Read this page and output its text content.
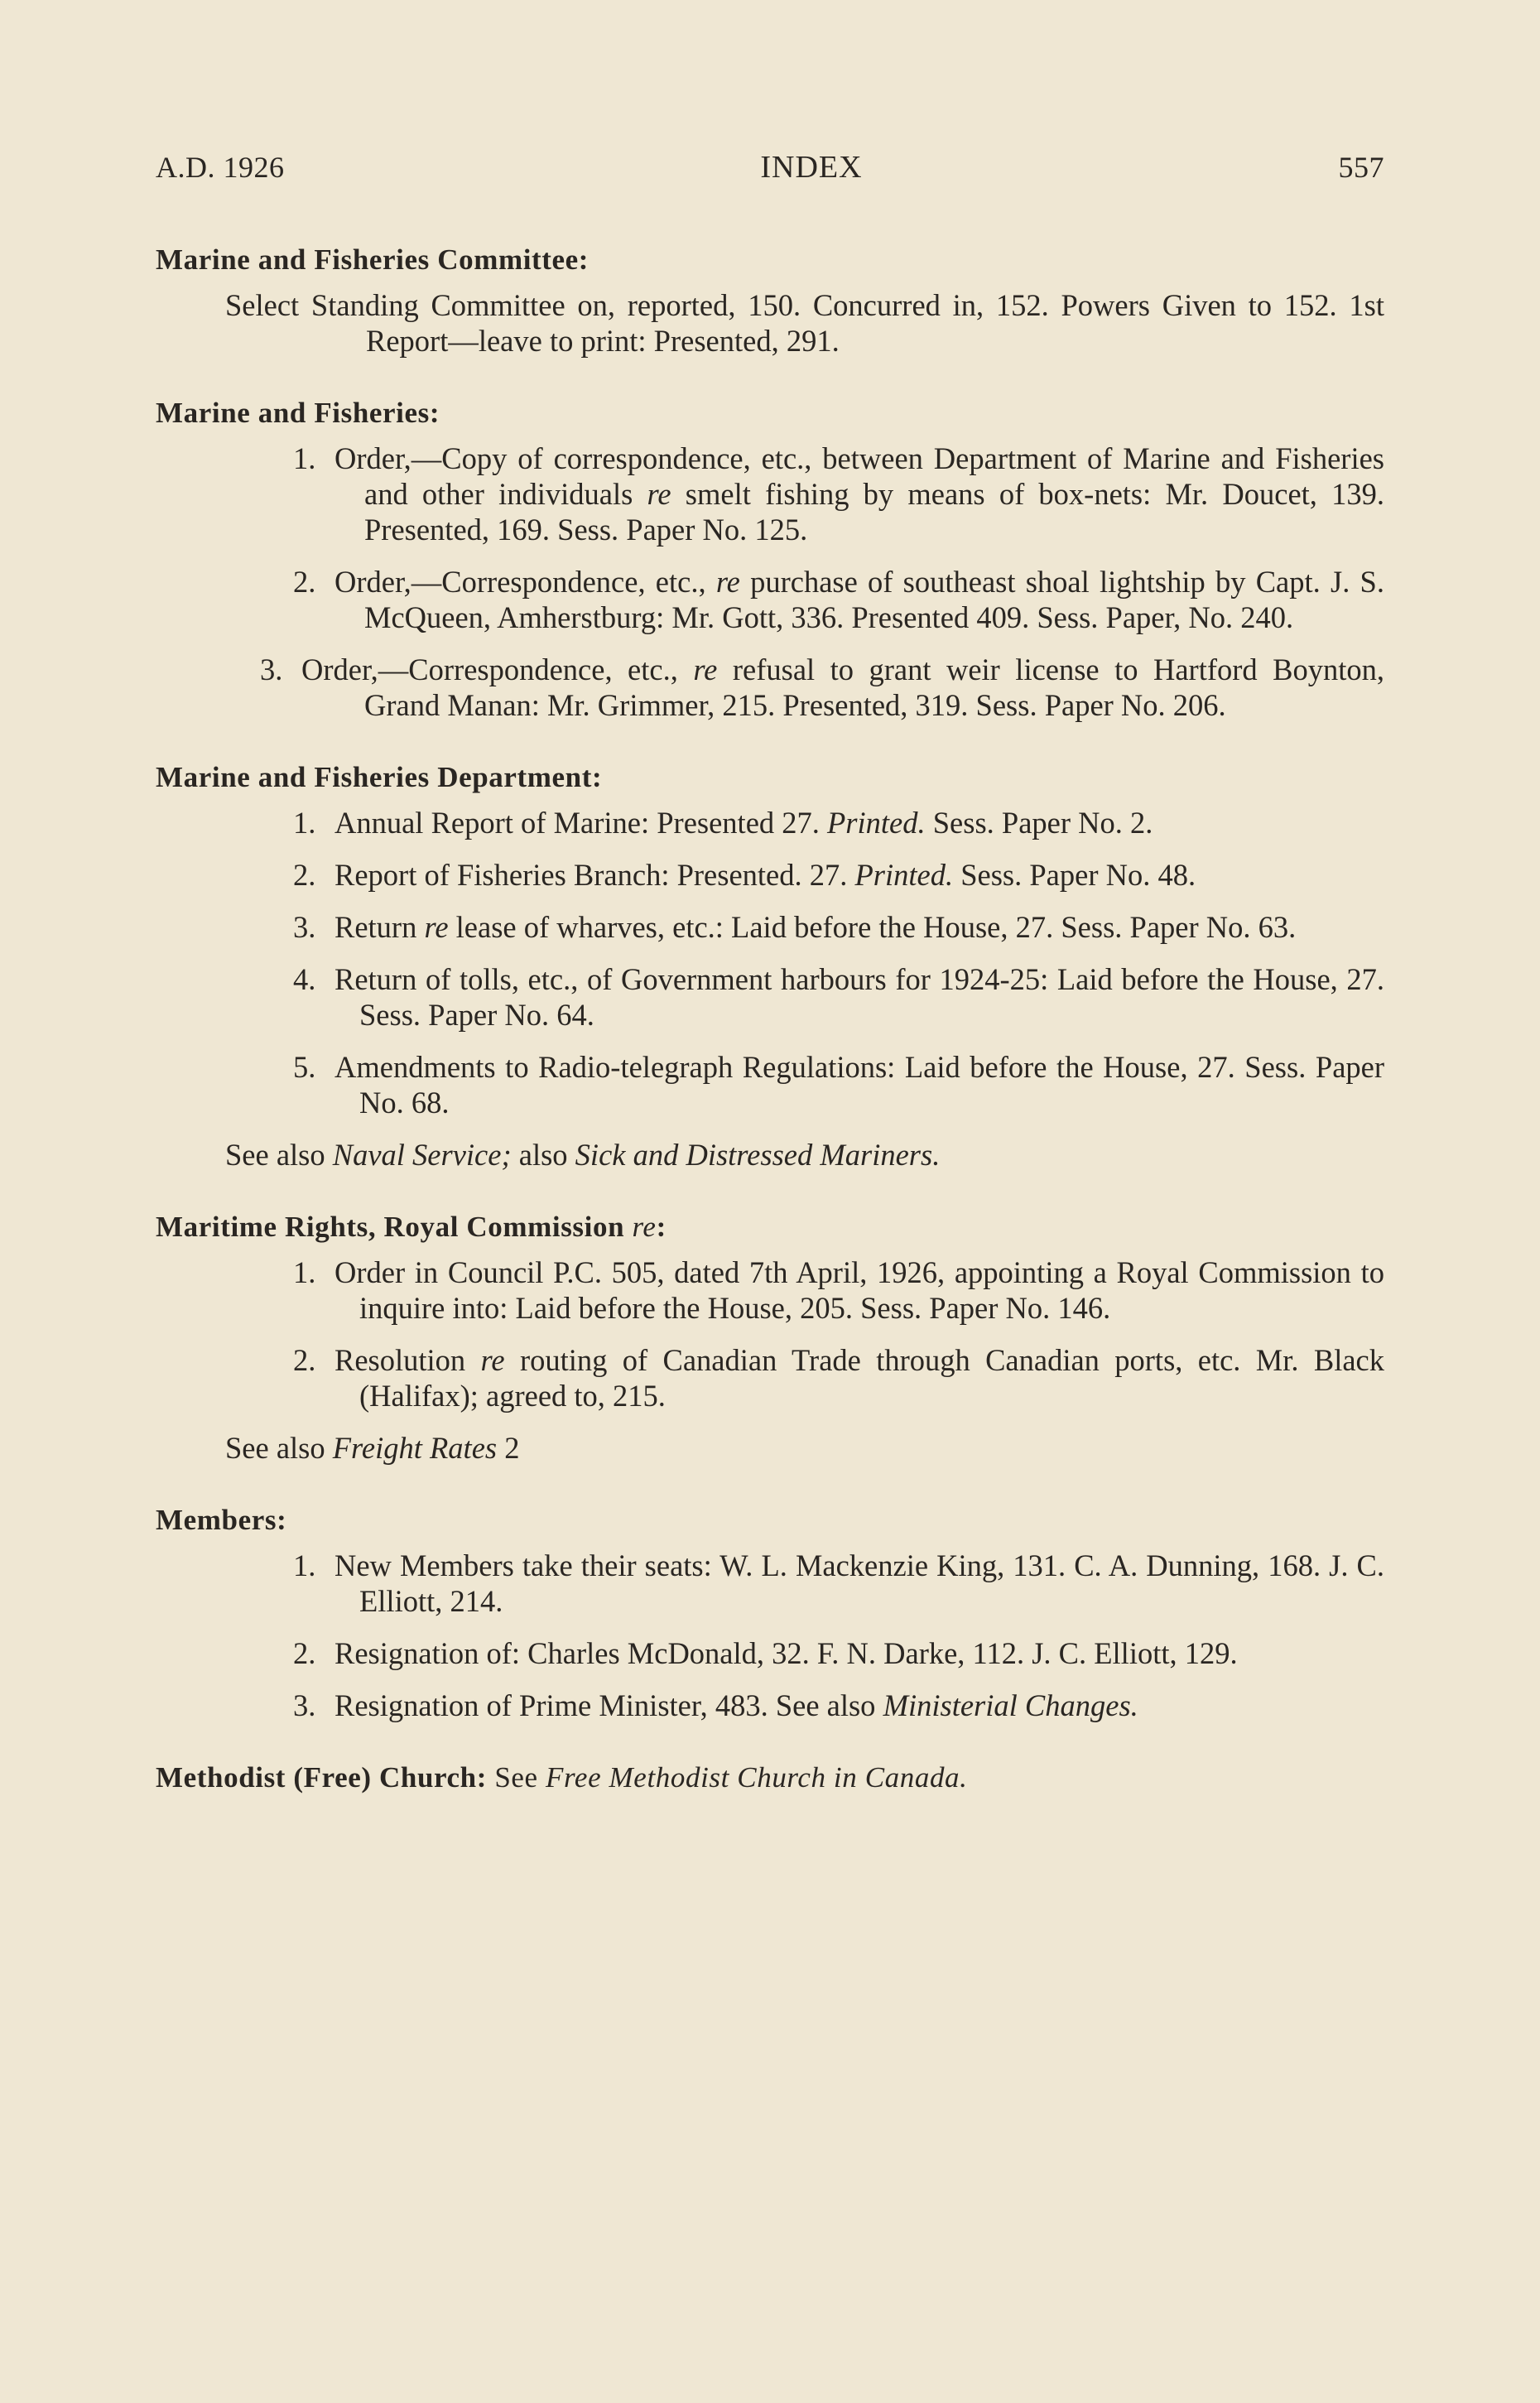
A.D. 1926	INDEX	557
Marine and Fisheries Committee:
Select Standing Committee on, reported, 150. Concurred in, 152. Powers Given to 152. 1st Report—leave to print: Presented, 291.
Marine and Fisheries:
1. Order,—Copy of correspondence, etc., between Department of Marine and Fisheries and other individuals re smelt fishing by means of box-nets: Mr. Doucet, 139. Presented, 169. Sess. Paper No. 125.
2. Order,—Correspondence, etc., re purchase of southeast shoal lightship by Capt. J. S. McQueen, Amherstburg: Mr. Gott, 336. Presented 409. Sess. Paper, No. 240.
3. Order,—Correspondence, etc., re refusal to grant weir license to Hartford Boynton, Grand Manan: Mr. Grimmer, 215. Presented, 319. Sess. Paper No. 206.
Marine and Fisheries Department:
1. Annual Report of Marine: Presented 27. Printed. Sess. Paper No. 2.
2. Report of Fisheries Branch: Presented. 27. Printed. Sess. Paper No. 48.
3. Return re lease of wharves, etc.: Laid before the House, 27. Sess. Paper No. 63.
4. Return of tolls, etc., of Government harbours for 1924-25: Laid before the House, 27. Sess. Paper No. 64.
5. Amendments to Radio-telegraph Regulations: Laid before the House, 27. Sess. Paper No. 68.
See also Naval Service; also Sick and Distressed Mariners.
Maritime Rights, Royal Commission re:
1. Order in Council P.C. 505, dated 7th April, 1926, appointing a Royal Commission to inquire into: Laid before the House, 205. Sess. Paper No. 146.
2. Resolution re routing of Canadian Trade through Canadian ports, etc. Mr. Black (Halifax); agreed to, 215.
See also Freight Rates 2
Members:
1. New Members take their seats: W. L. Mackenzie King, 131. C. A. Dunning, 168. J. C. Elliott, 214.
2. Resignation of: Charles McDonald, 32. F. N. Darke, 112. J. C. Elliott, 129.
3. Resignation of Prime Minister, 483. See also Ministerial Changes.
Methodist (Free) Church: See Free Methodist Church in Canada.
